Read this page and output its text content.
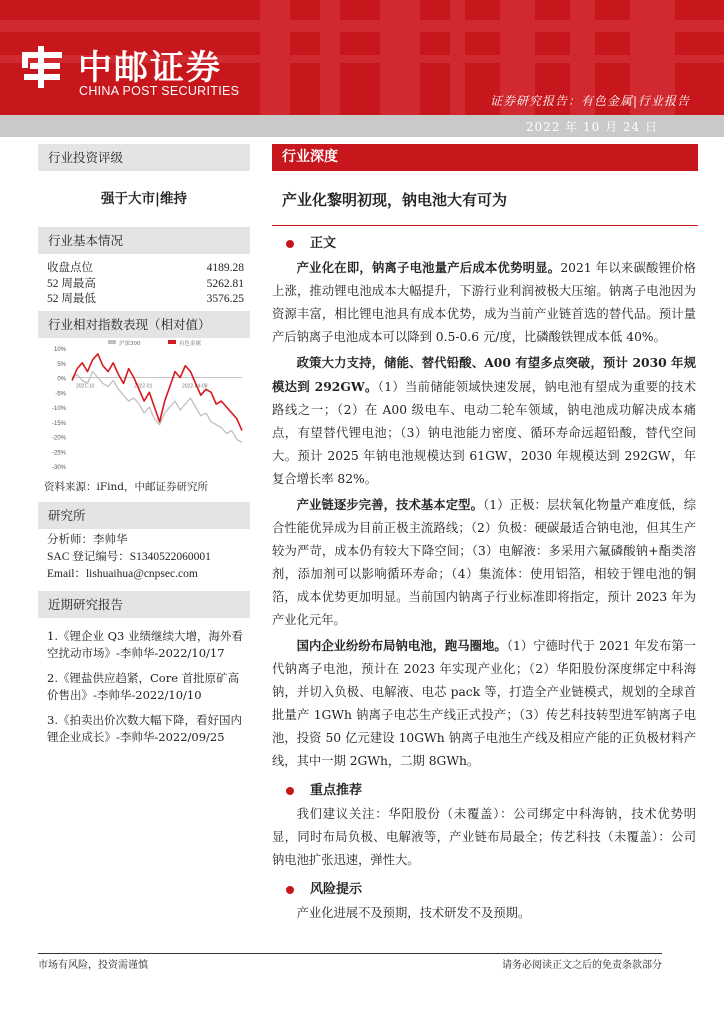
中邮证券
CHINA POST SECURITIES
证券研究报告：有色金属|行业报告
2022 年 10 月 24 日
行业投资评级
强于大市|维持
行业基本情况
收盘点位	4189.28
52 周最高	5262.81
52 周最低	3576.25
行业相对指数表现（相对值）
10%
5%
0%
-5%
-10%
-15%
-20%
-25%
-30%
2021-10	2022-01	2022-04-08
沪深300	有色金属
资料来源：iFind，中邮证券研究所
研究所
分析师：李帅华
SAC 登记编号：S1340522060001
Email：lishuaihua@cnpsec.com
近期研究报告
1.《锂企业 Q3 业绩继续大增，海外看空扰动市场》-李帅华-2022/10/17
2.《锂盐供应趋紧，Core 首批原矿高价售出》-李帅华-2022/10/10
3.《拍卖出价次数大幅下降，看好国内锂企业成长》-李帅华-2022/09/25
行业深度
产业化黎明初现，钠电池大有可为
正文

产业化在即，钠离子电池量产后成本优势明显。2021 年以来碳酸锂价格上涨，推动锂电池成本大幅提升，下游行业利润被极大压缩。钠离子电池因为资源丰富，相比锂电池具有成本优势，成为当前产业链首选的替代品。预计量产后钠离子电池成本可以降到 0.5-0.6 元/度，比磷酸铁锂成本低 40%。

政策大力支持，储能、替代铅酸、A00 有望多点突破，预计 2030 年规模达到 292GW。（1）当前储能领域快速发展，钠电池有望成为重要的技术路线之一；（2）在 A00 级电车、电动二轮车领域，钠电池成功解决成本痛点，有望替代锂电池；（3）钠电池能力密度、循环寿命远超铅酸，替代空间大。预计 2025 年钠电池规模达到 61GW，2030 年规模达到 292GW，年复合增长率 82%。

产业链逐步完善，技术基本定型。（1）正极：层状氧化物量产难度低，综合性能优异成为目前正极主流路线；（2）负极：硬碳最适合钠电池，但其生产较为严苛，成本仍有较大下降空间；（3）电解液：多采用六氟磷酸钠+酯类溶剂，添加剂可以影响循环寿命；（4）集流体：使用铝箔，相较于锂电池的铜箔，成本优势更加明显。当前国内钠离子行业标准即将指定，预计 2023 年为产业化元年。

国内企业纷纷布局钠电池，跑马圈地。（1）宁德时代于 2021 年发布第一代钠离子电池，预计在 2023 年实现产业化；（2）华阳股份深度绑定中科海钠，并切入负极、电解液、电芯 pack 等，打造全产业链模式，规划的全球首批量产 1GWh 钠离子电芯生产线正式投产；（3）传艺科技转型进军钠离子电池，投资 50 亿元建设 10GWh 钠离子电池生产线及相应产能的正负极材料产线，其中一期 2GWh，二期 8GWh。

重点推荐

我们建议关注：华阳股份（未覆盖）：公司绑定中科海钠，技术优势明显，同时布局负极、电解液等，产业链布局最全；传艺科技（未覆盖）：公司钠电池扩张迅速，弹性大。

风险提示

产业化进展不及预期，技术研发不及预期。

市场有风险，投资需谨慎	请务必阅读正文之后的免责条款部分
